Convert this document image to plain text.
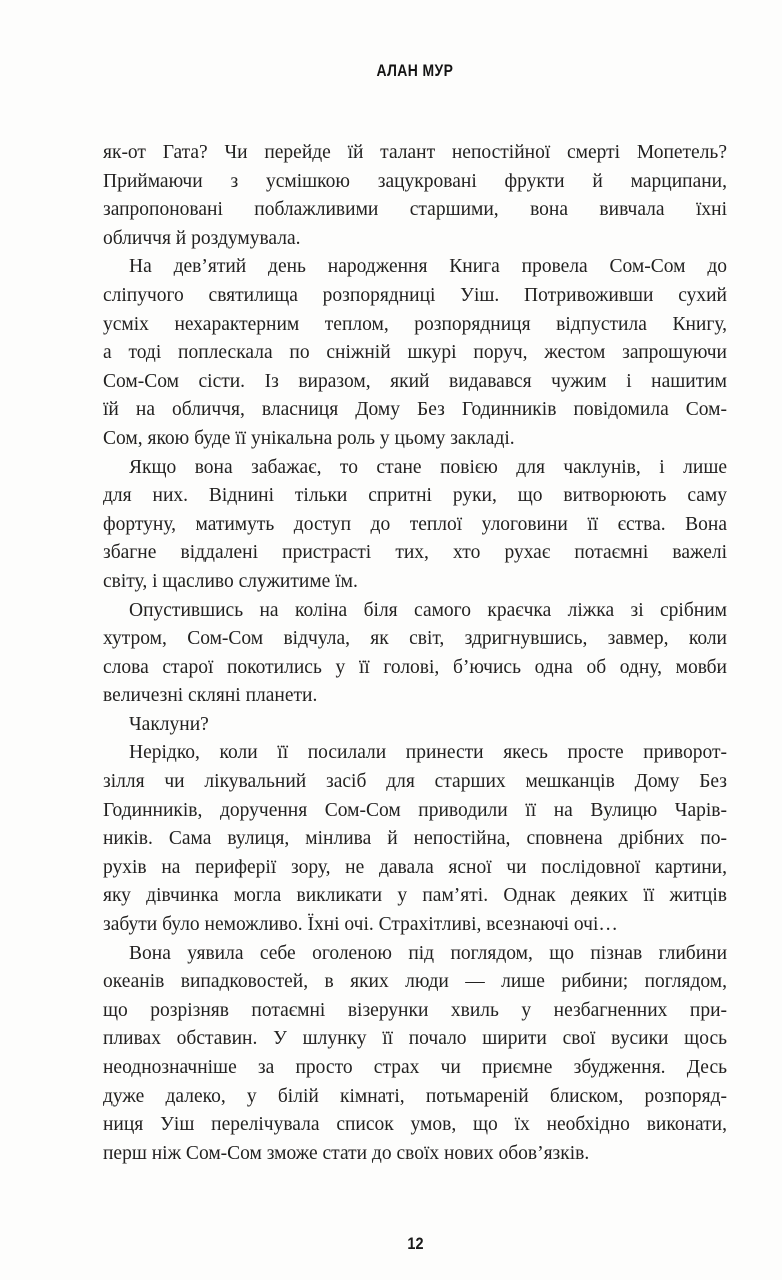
АЛАН МУР
як-от Гата? Чи перейде їй талант непостійної смерті Мопетель?
Приймаючи з усмішкою зацукровані фрукти й марципани,
запропоновані поблажливими старшими, вона вивчала їхні
обличчя й роздумувала.
На дев’ятий день народження Книга провела Сом-Сом до
сліпучого святилища розпорядниці Уіш. Потривоживши сухий
усміх нехарактерним теплом, розпорядниця відпустила Книгу,
а тоді поплескала по сніжній шкурі поруч, жестом запрошуючи
Сом-Сом сісти. Із виразом, який видавався чужим і нашитим
їй на обличчя, власниця Дому Без Годинників повідомила Сом-
Сом, якою буде її унікальна роль у цьому закладі.
Якщо вона забажає, то стане повією для чаклунів, і лише
для них. Віднині тільки спритні руки, що витворюють саму
фортуну, матимуть доступ до теплої улоговини її єства. Вона
збагне віддалені пристрасті тих, хто рухає потаємні важелі
світу, і щасливо служитиме їм.
Опустившись на коліна біля самого краєчка ліжка зі срібним
хутром, Сом-Сом відчула, як світ, здригнувшись, завмер, коли
слова старої покотились у її голові, б’ючись одна об одну, мовби
величезні скляні планети.
Чаклуни?
Нерідко, коли її посилали принести якесь просте приворот-
зілля чи лікувальний засіб для старших мешканців Дому Без
Годинників, доручення Сом-Сом приводили її на Вулицю Чарів-
ників. Сама вулиця, мінлива й непостійна, сповнена дрібних по-
рухів на периферії зору, не давала ясної чи послідовної картини,
яку дівчинка могла викликати у пам’яті. Однак деяких її житців
забути було неможливо. Їхні очі. Страхітливі, всезнаючі очі…
Вона уявила себе оголеною під поглядом, що пізнав глибини
океанів випадковостей, в яких люди — лише рибини; поглядом,
що розрізняв потаємні візерунки хвиль у незбагненних при-
пливах обставин. У шлунку її почало ширити свої вусики щось
неоднозначніше за просто страх чи приємне збудження. Десь
дуже далеко, у білій кімнаті, потьмареній блиском, розпоряд-
ниця Уіш перелічувала список умов, що їх необхідно виконати,
перш ніж Сом-Сом зможе стати до своїх нових обов’язків.
12
